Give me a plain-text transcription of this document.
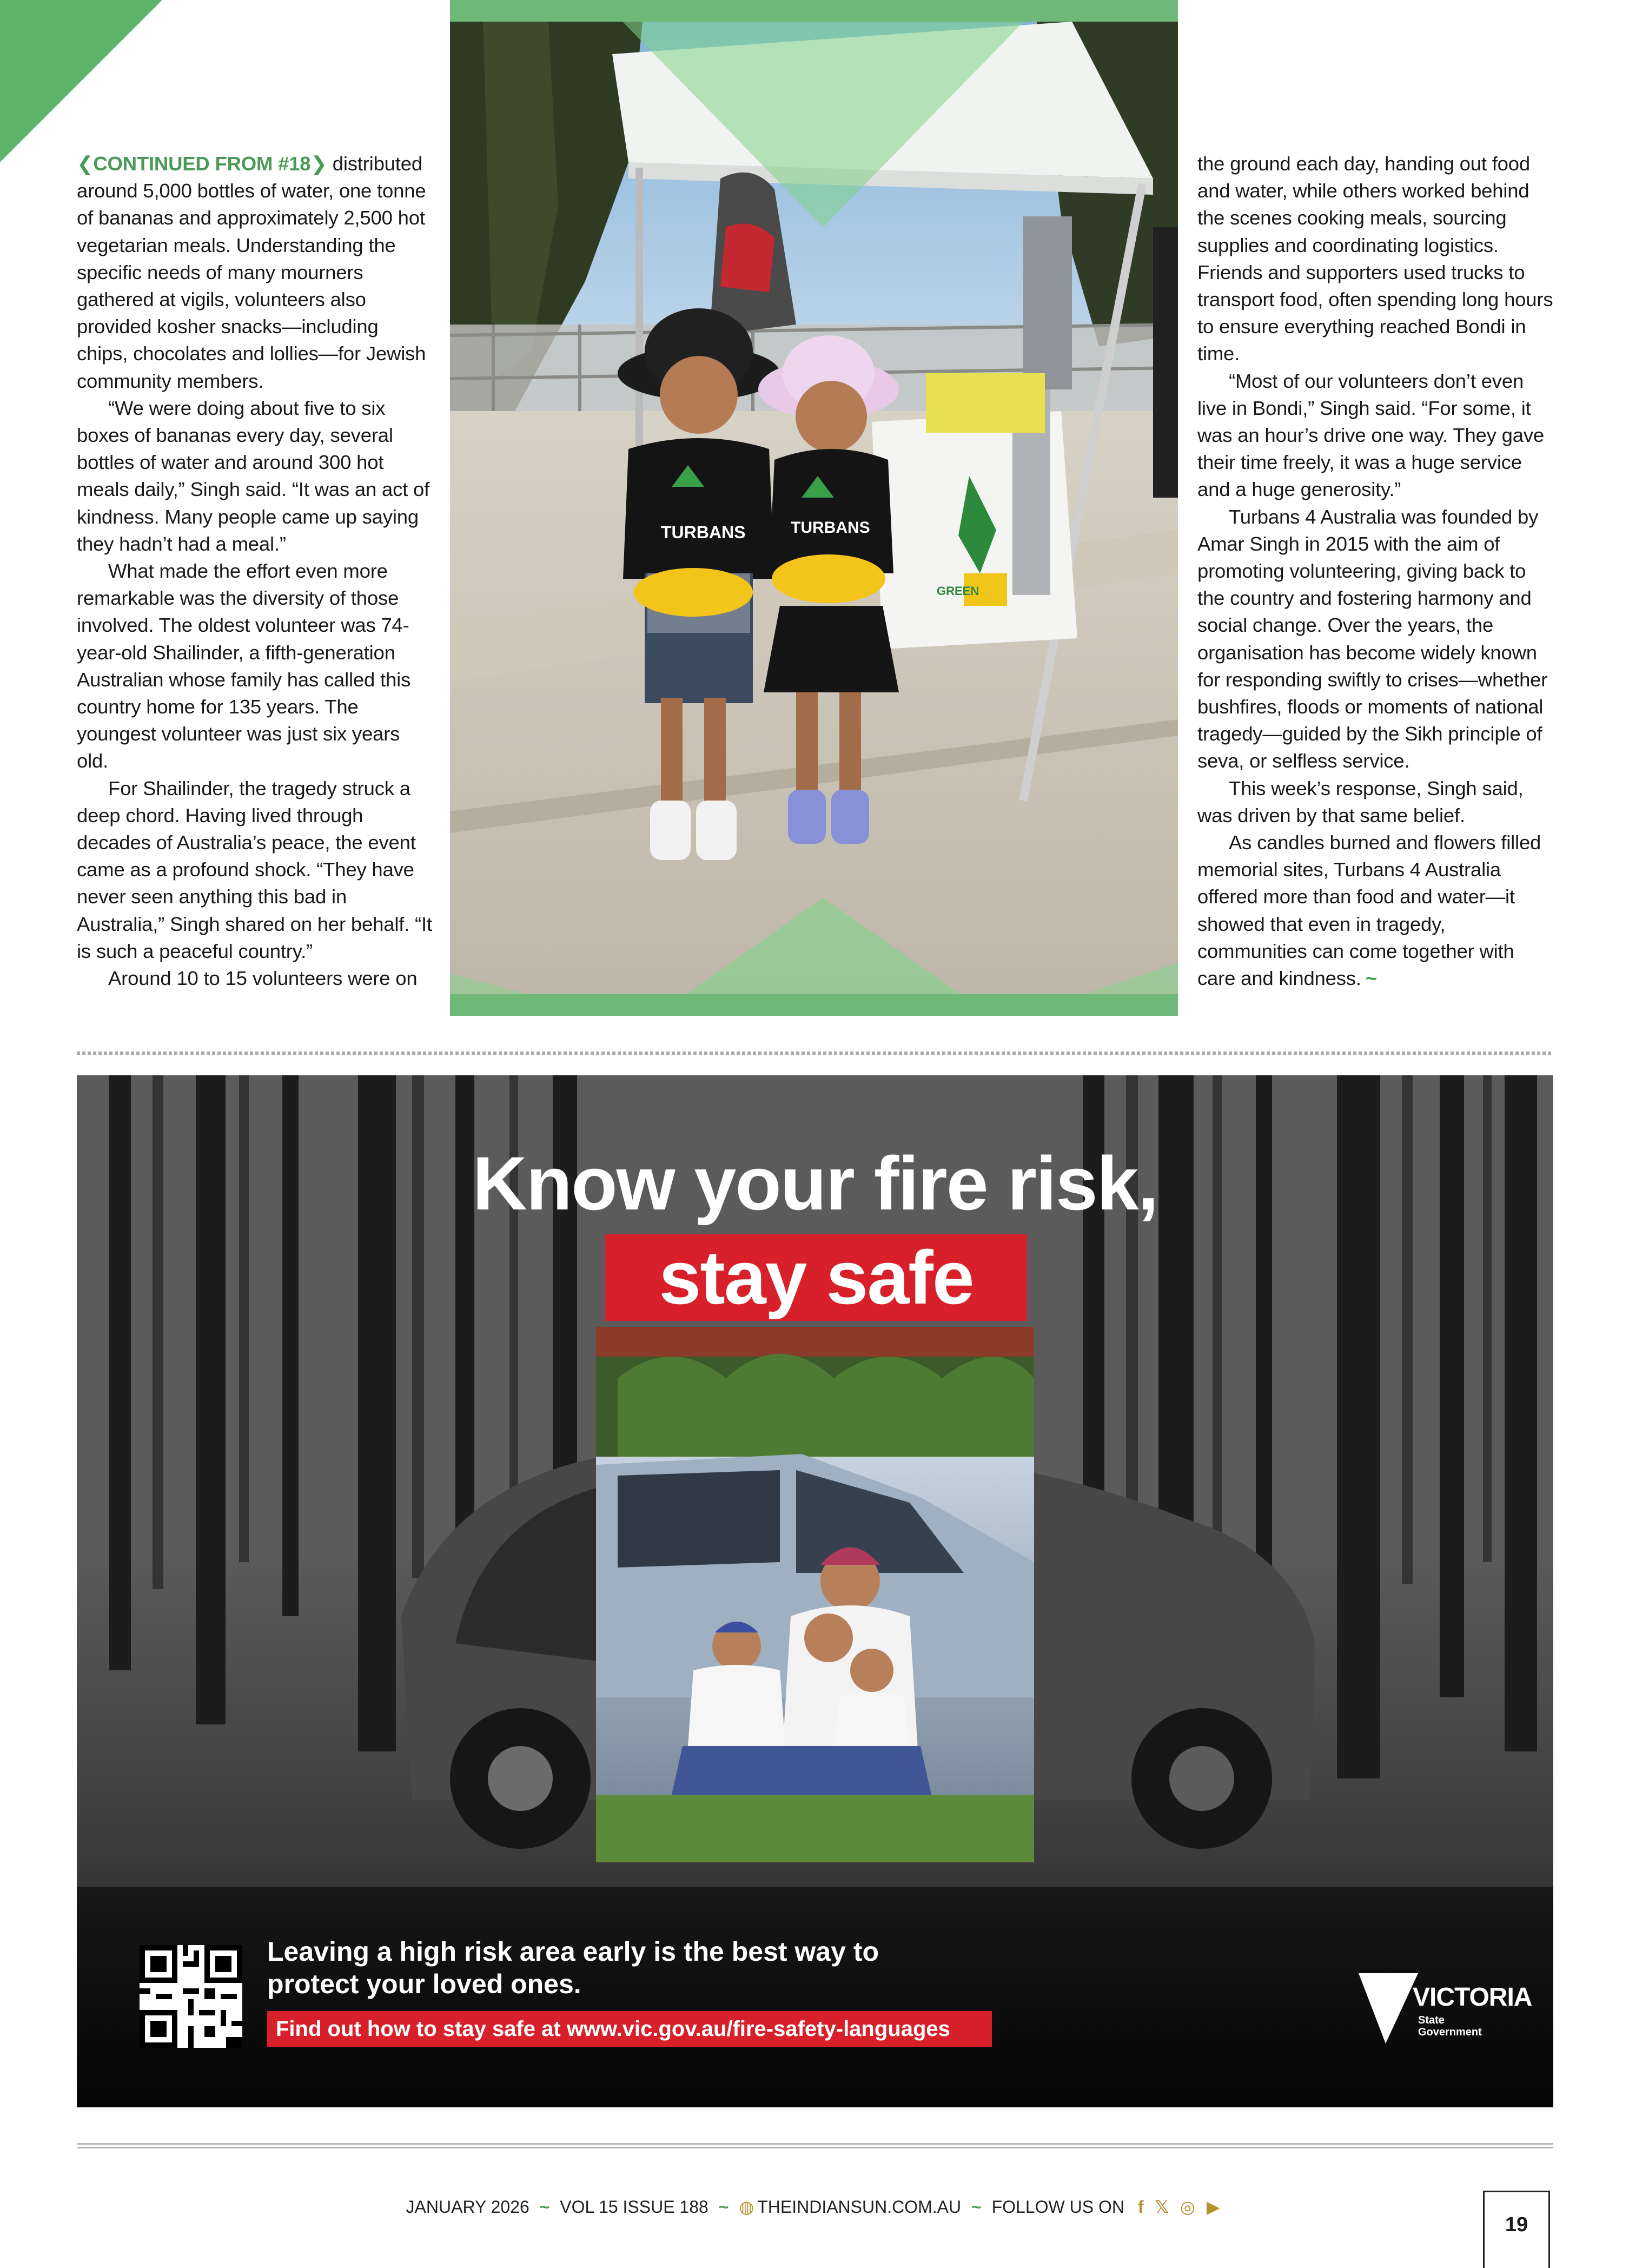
❮CONTINUED FROM #18❯ distributed around 5,000 bottles of water, one tonne of bananas and approximately 2,500 hot vegetarian meals. Understanding the specific needs of many mourners gathered at vigils, volunteers also provided kosher snacks—including chips, chocolates and lollies—for Jewish community members.

“We were doing about five to six boxes of bananas every day, several bottles of water and around 300 hot meals daily,” Singh said. “It was an act of kindness. Many people came up saying they hadn’t had a meal.”

What made the effort even more remarkable was the diversity of those involved. The oldest volunteer was 74-year-old Shailinder, a fifth-generation Australian whose family has called this country home for 135 years. The youngest volunteer was just six years old.

For Shailinder, the tragedy struck a deep chord. Having lived through decades of Australia’s peace, the event came as a profound shock. “They have never seen anything this bad in Australia,” Singh shared on her behalf. “It is such a peaceful country.”

Around 10 to 15 volunteers were on

TURBANS	TURBANS
GREEN

the ground each day, handing out food and water, while others worked behind the scenes cooking meals, sourcing supplies and coordinating logistics. Friends and supporters used trucks to transport food, often spending long hours to ensure everything reached Bondi in time.

“Most of our volunteers don’t even live in Bondi,” Singh said. “For some, it was an hour’s drive one way. They gave their time freely, it was a huge service and a huge generosity.”

Turbans 4 Australia was founded by Amar Singh in 2015 with the aim of promoting volunteering, giving back to the country and fostering harmony and social change. Over the years, the organisation has become widely known for responding swiftly to crises—whether bushfires, floods or moments of national tragedy—guided by the Sikh principle of seva, or selfless service.

This week’s response, Singh said, was driven by that same belief.

As candles burned and flowers filled memorial sites, Turbans 4 Australia offered more than food and water—it showed that even in tragedy, communities can come together with care and kindness. ~

Know your fire risk,
stay safe
Leaving a high risk area early is the best way to protect your loved ones.
Find out how to stay safe at www.vic.gov.au/fire-safety-languages
VICTORIA
State Government
JANUARY 2026 ~ VOL 15 ISSUE 188 ~ ◍ THEINDIANSUN.COM.AU ~ FOLLOW US ON f 𝕏 ◎ ▶
19
